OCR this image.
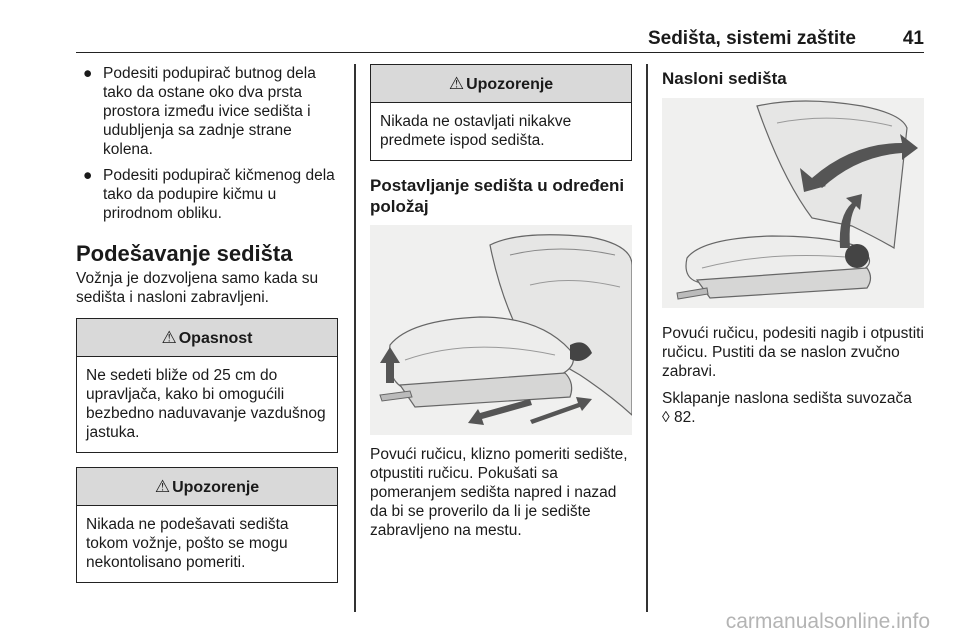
Sedišta, sistemi zaštite 41
● Podesiti podupirač butnog dela tako da ostane oko dva prsta prostora između ivice sedišta i udubljenja sa zadnje strane kolena.
● Podesiti podupirač kičmenog dela tako da podupire kičmu u prirodnom obliku.
Podešavanje sedišta

Vožnja je dozvoljena samo kada su sedišta i nasloni zabravljeni.

⚠ Opasnost
Ne sedeti bliže od 25 cm do upravljača, kako bi omogućili bezbedno naduvavanje vazdušnog jastuka.
⚠ Upozorenje
Nikada ne podešavati sedišta tokom vožnje, pošto se mogu nekontolisano pomeriti.
⚠ Upozorenje
Nikada ne ostavljati nikakve predmete ispod sedišta.
Postavljanje sedišta u određeni položaj

Povući ručicu, klizno pomeriti sedište, otpustiti ručicu. Pokušati sa pomeranjem sedišta napred i nazad da bi se proverilo da li je sedište zabravljeno na mestu.

Nasloni sedišta

Povući ručicu, podesiti nagib i otpustiti ručicu. Pustiti da se naslon zvučno zabravi.

Sklapanje naslona sedišta suvozača
◊ 82.

carmanualsonline.info
